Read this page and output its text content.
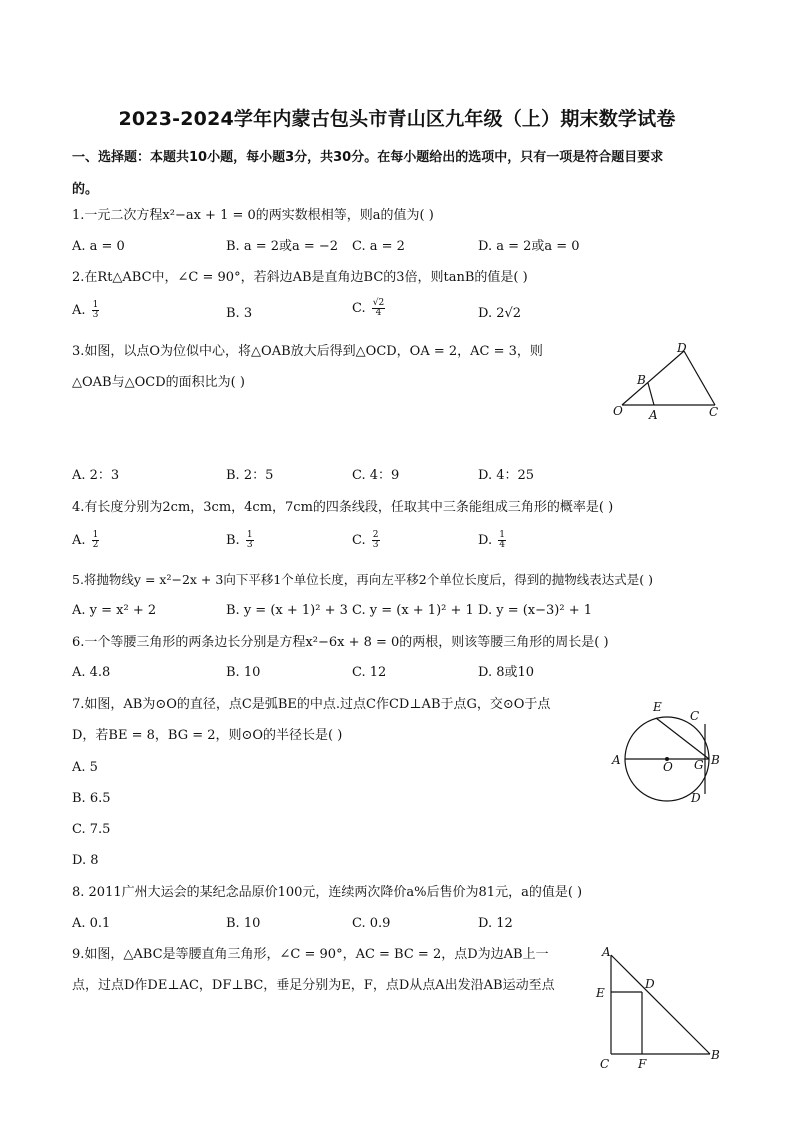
2023-2024学年内蒙古包头市青山区九年级（上）期末数学试卷
一、选择题：本题共10小题，每小题3分，共30分。在每小题给出的选项中，只有一项是符合题目要求
的。
1.一元二次方程x²−ax + 1 = 0的两实数根相等，则a的值为( )
A. a = 0	B. a = 2或a = −2 C. a = 2	D. a = 2或a = 0
2.在Rt△ABC中，∠C = 90°，若斜边AB是直角边BC的3倍，则tanB的值是( )
A. $\frac{1}{3}$	B. 3	C. $\frac{√2}{4}$	D. 2√2
3.如图，以点O为位似中心，将△OAB放大后得到△OCD，OA = 2，AC = 3，则
△OAB与△OCD的面积比为( )
D
B
O A	C
A. 2：3	B. 2：5	C. 4：9	D. 4：25
4.有长度分别为2cm，3cm，4cm，7cm的四条线段，任取其中三条能组成三角形的概率是( )
A. $\frac{1}{2}$	B. $\frac{1}{3}$	C. $\frac{2}{3}$	D. $\frac{1}{4}$
5.将抛物线y = x²−2x + 3向下平移1个单位长度，再向左平移2个单位长度后，得到的抛物线表达式是( )
A. y = x² + 2	B. y = (x + 1)² + 3 C. y = (x + 1)² + 1 D. y = (x−3)² + 1
6.一个等腰三角形的两条边长分别是方程x²−6x + 8 = 0的两根，则该等腰三角形的周长是( )
A. 4.8	B. 10	C. 12	D. 8或10
7.如图，AB为⊙O的直径，点C是弧BE的中点.过点C作CD⊥AB于点G，交⊙O于点
D，若BE = 8，BG = 2，则⊙O的半径长是( )
E
C
A	O G B
D
A. 5
B. 6.5
C. 7.5
D. 8
8. 2011广州大运会的某纪念品原价100元，连续两次降价a%后售价为81元，a的值是( )
A. 0.1	B. 10	C. 0.9	D. 12
9.如图，△ABC是等腰直角三角形，∠C = 90°，AC = BC = 2，点D为边AB上一
点，过点D作DE⊥AC，DF⊥BC，垂足分别为E，F，点D从点A出发沿AB运动至点
A
E
D
C F
B
